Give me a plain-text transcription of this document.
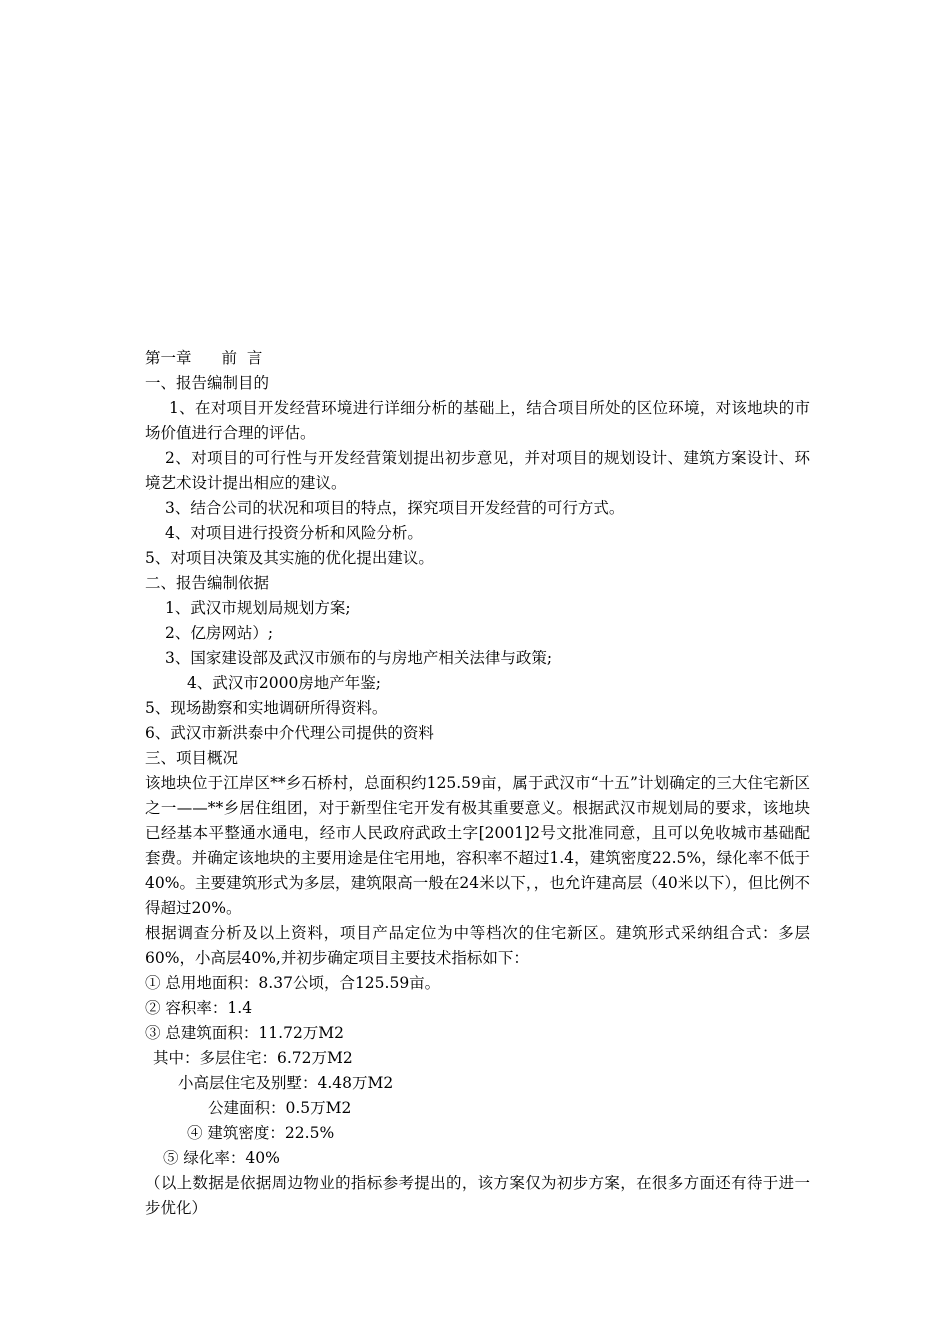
第一章 前  言
一、报告编制目的
1、在对项目开发经营环境进行详细分析的基础上，结合项目所处的区位环境，对该地块的市场价值进行合理的评估。
2、对项目的可行性与开发经营策划提出初步意见，并对项目的规划设计、建筑方案设计、环境艺术设计提出相应的建议。
3、结合公司的状况和项目的特点，探究项目开发经营的可行方式。
4、对项目进行投资分析和风险分析。
5、对项目决策及其实施的优化提出建议。
二、报告编制依据
1、武汉市规划局规划方案;
2、亿房网站）;
3、国家建设部及武汉市颁布的与房地产相关法律与政策;
4、武汉市2000房地产年鉴;
5、现场勘察和实地调研所得资料。
6、武汉市新洪泰中介代理公司提供的资料
三、项目概况
该地块位于江岸区**乡石桥村，总面积约125.59亩，属于武汉市“十五”计划确定的三大住宅新区之一——**乡居住组团，对于新型住宅开发有极其重要意义。根据武汉市规划局的要求，该地块已经基本平整通水通电，经市人民政府武政土字[2001]2号文批准同意，且可以免收城市基础配套费。并确定该地块的主要用途是住宅用地，容积率不超过1.4，建筑密度22.5%，绿化率不低于40%。主要建筑形式为多层，建筑限高一般在24米以下，，也允许建高层（40米以下），但比例不得超过20%。
根据调查分析及以上资料，项目产品定位为中等档次的住宅新区。建筑形式采纳组合式：多层60%，小高层40%,并初步确定项目主要技术指标如下：
① 总用地面积：8.37公顷，合125.59亩。
② 容积率：1.4
③ 总建筑面积：11.72万M2
其中：多层住宅：6.72万M2
小高层住宅及别墅：4.48万M2
公建面积：0.5万M2
④ 建筑密度：22.5%
⑤ 绿化率：40%
（以上数据是依据周边物业的指标参考提出的，该方案仅为初步方案，在很多方面还有待于进一步优化）
